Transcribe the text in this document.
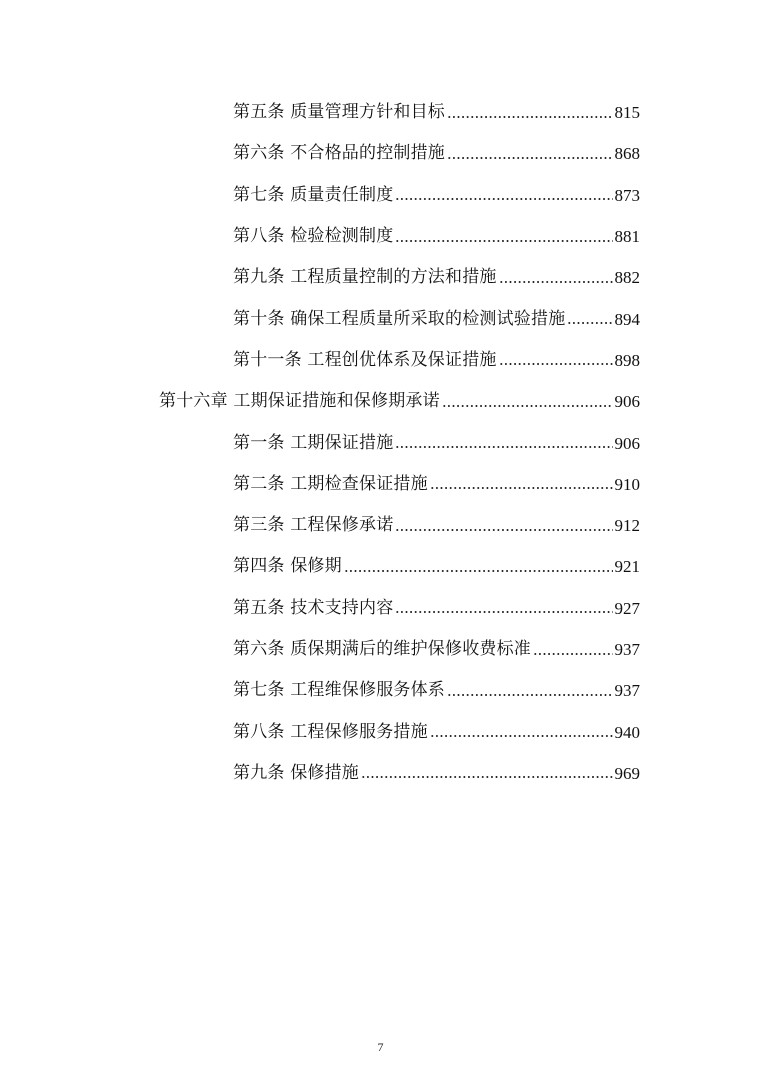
第五条 质量管理方针和目标	815
第六条 不合格品的控制措施	868
第七条 质量责任制度	873
第八条 检验检测制度	881
第九条 工程质量控制的方法和措施	882
第十条 确保工程质量所采取的检测试验措施	894
第十一条 工程创优体系及保证措施	898
第十六章 工期保证措施和保修期承诺	906
第一条 工期保证措施	906
第二条 工期检查保证措施	910
第三条 工程保修承诺	912
第四条 保修期	921
第五条 技术支持内容	927
第六条 质保期满后的维护保修收费标准	937
第七条 工程维保修服务体系	937
第八条 工程保修服务措施	940
第九条 保修措施	969
7
